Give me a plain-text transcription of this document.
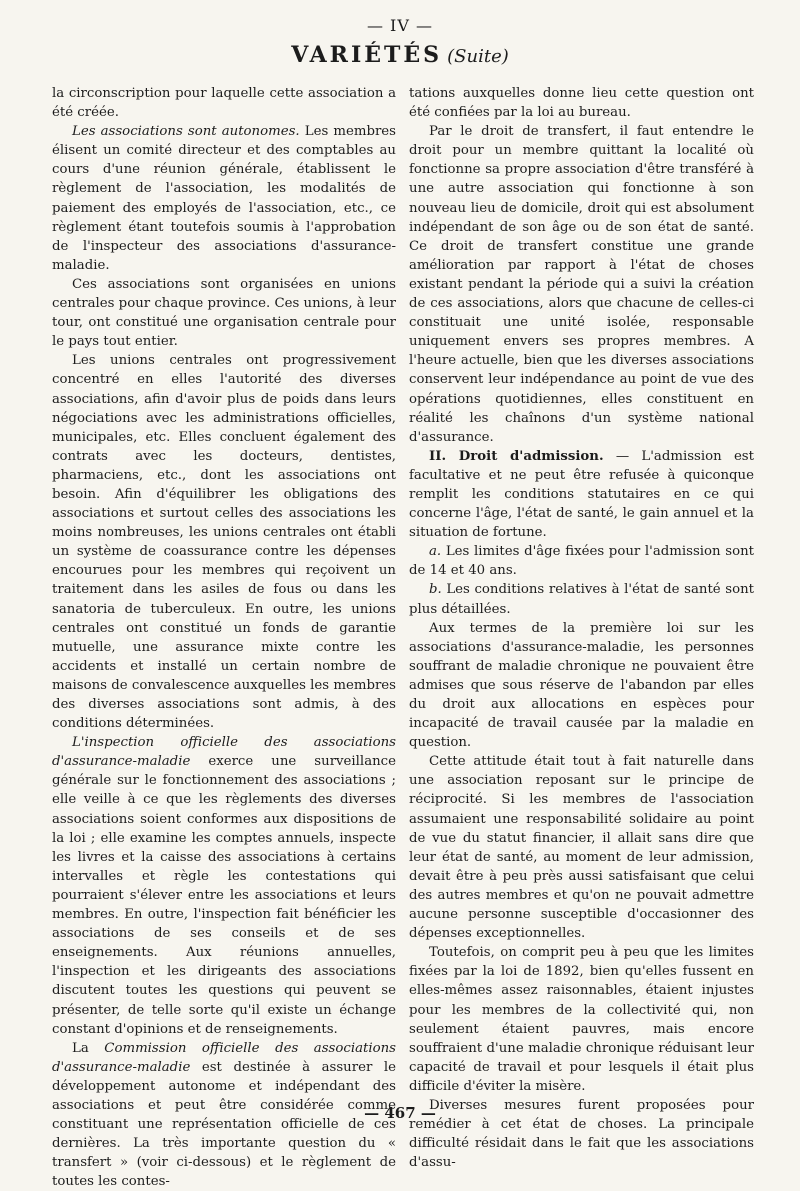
— IV —
VARIÉTÉS (Suite)

la circonscription pour laquelle cette association a été créée.

Les associations sont autonomes. Les membres élisent un comité directeur et des comptables au cours d'une réunion générale, établissent le règlement de l'association, les modalités de paiement des employés de l'association, etc., ce règlement étant toutefois soumis à l'approbation de l'inspecteur des associations d'assurance-maladie.

Ces associations sont organisées en unions centrales pour chaque province. Ces unions, à leur tour, ont constitué une organisation centrale pour le pays tout entier.

Les unions centrales ont progressivement concentré en elles l'autorité des diverses associations, afin d'avoir plus de poids dans leurs négociations avec les administrations officielles, municipales, etc. Elles concluent également des contrats avec les docteurs, dentistes, pharmaciens, etc., dont les associations ont besoin. Afin d'équilibrer les obligations des associations et surtout celles des associations les moins nombreuses, les unions centrales ont établi un système de coassurance contre les dépenses encourues pour les membres qui reçoivent un traitement dans les asiles de fous ou dans les sanatoria de tuberculeux. En outre, les unions centrales ont constitué un fonds de garantie mutuelle, une assurance mixte contre les accidents et installé un certain nombre de maisons de convalescence auxquelles les membres des diverses associations sont admis, à des conditions déterminées.

L'inspection officielle des associations d'assurance-maladie exerce une surveillance générale sur le fonctionnement des associations ; elle veille à ce que les règlements des diverses associations soient conformes aux dispositions de la loi ; elle examine les comptes annuels, inspecte les livres et la caisse des associations à certains intervalles et règle les contestations qui pourraient s'élever entre les associations et leurs membres. En outre, l'inspection fait bénéficier les associations de ses conseils et de ses enseignements. Aux réunions annuelles, l'inspection et les dirigeants des associations discutent toutes les questions qui peuvent se présenter, de telle sorte qu'il existe un échange constant d'opinions et de renseignements.

La Commission officielle des associations d'assurance-maladie est destinée à assurer le développement autonome et indépendant des associations et peut être considérée comme constituant une représentation officielle de ces dernières. La très importante question du « transfert » (voir ci-dessous) et le règlement de toutes les contes-

tations auxquelles donne lieu cette question ont été confiées par la loi au bureau.

Par le droit de transfert, il faut entendre le droit pour un membre quittant la localité où fonctionne sa propre association d'être transféré à une autre association qui fonctionne à son nouveau lieu de domicile, droit qui est absolument indépendant de son âge ou de son état de santé. Ce droit de transfert constitue une grande amélioration par rapport à l'état de choses existant pendant la période qui a suivi la création de ces associations, alors que chacune de celles-ci constituait une unité isolée, responsable uniquement envers ses propres membres. A l'heure actuelle, bien que les diverses associations conservent leur indépendance au point de vue des opérations quotidiennes, elles constituent en réalité les chaînons d'un système national d'assurance.

II. Droit d'admission. — L'admission est facultative et ne peut être refusée à quiconque remplit les conditions statutaires en ce qui concerne l'âge, l'état de santé, le gain annuel et la situation de fortune.

a. Les limites d'âge fixées pour l'admission sont de 14 et 40 ans.

b. Les conditions relatives à l'état de santé sont plus détaillées.

Aux termes de la première loi sur les associations d'assurance-maladie, les personnes souffrant de maladie chronique ne pouvaient être admises que sous réserve de l'abandon par elles du droit aux allocations en espèces pour incapacité de travail causée par la maladie en question.

Cette attitude était tout à fait naturelle dans une association reposant sur le principe de réciprocité. Si les membres de l'association assumaient une responsabilité solidaire au point de vue du statut financier, il allait sans dire que leur état de santé, au moment de leur admission, devait être à peu près aussi satisfaisant que celui des autres membres et qu'on ne pouvait admettre aucune personne susceptible d'occasionner des dépenses exceptionnelles.

Toutefois, on comprit peu à peu que les limites fixées par la loi de 1892, bien qu'elles fussent en elles-mêmes assez raisonnables, étaient injustes pour les membres de la collectivité qui, non seulement étaient pauvres, mais encore souffraient d'une maladie chronique réduisant leur capacité de travail et pour lesquels il était plus difficile d'éviter la misère.

Diverses mesures furent proposées pour remédier à cet état de choses. La principale difficulté résidait dans le fait que les associations d'assu-

— 467 —
